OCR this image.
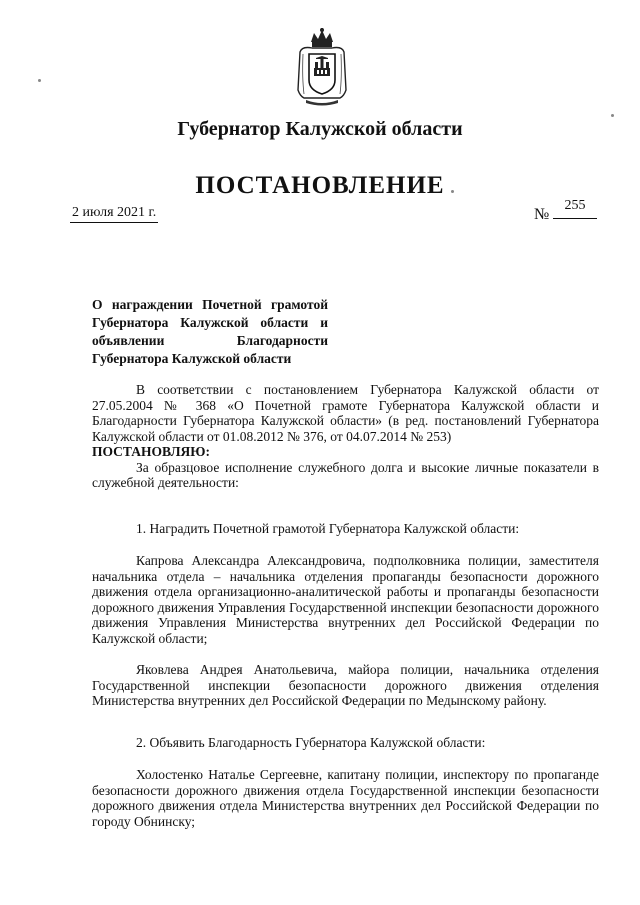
Губернатор Калужской области
ПОСТАНОВЛЕНИЕ
2 июля 2021 г.	№
255
О награждении Почетной грамотой Губернатора Калужской области и объявлении Благодарности Губернатора Калужской области
В соответствии с постановлением Губернатора Калужской области от 27.05.2004 № 368 «О Почетной грамоте Губернатора Калужской области и Благодарности Губернатора Калужской области» (в ред. постановлений Губернатора Калужской области от 01.08.2012 № 376, от 04.07.2014 № 253)
ПОСТАНОВЛЯЮ:
За образцовое исполнение служебного долга и высокие личные показатели в служебной деятельности:
1. Наградить Почетной грамотой Губернатора Калужской области:
Капрова Александра Александровича, подполковника полиции, заместителя начальника отдела – начальника отделения пропаганды безопасности дорожного движения отдела организационно-аналитической работы и пропаганды безопасности дорожного движения Управления Государственной инспекции безопасности дорожного движения Управления Министерства внутренних дел Российской Федерации по Калужской области;
Яковлева Андрея Анатольевича, майора полиции, начальника отделения Государственной инспекции безопасности дорожного движения отделения Министерства внутренних дел Российской Федерации по Медынскому району.
2. Объявить Благодарность Губернатора Калужской области:
Холостенко Наталье Сергеевне, капитану полиции, инспектору по пропаганде безопасности дорожного движения отдела Государственной инспекции безопасности дорожного движения отдела Министерства внутренних дел Российской Федерации по городу Обнинску;
